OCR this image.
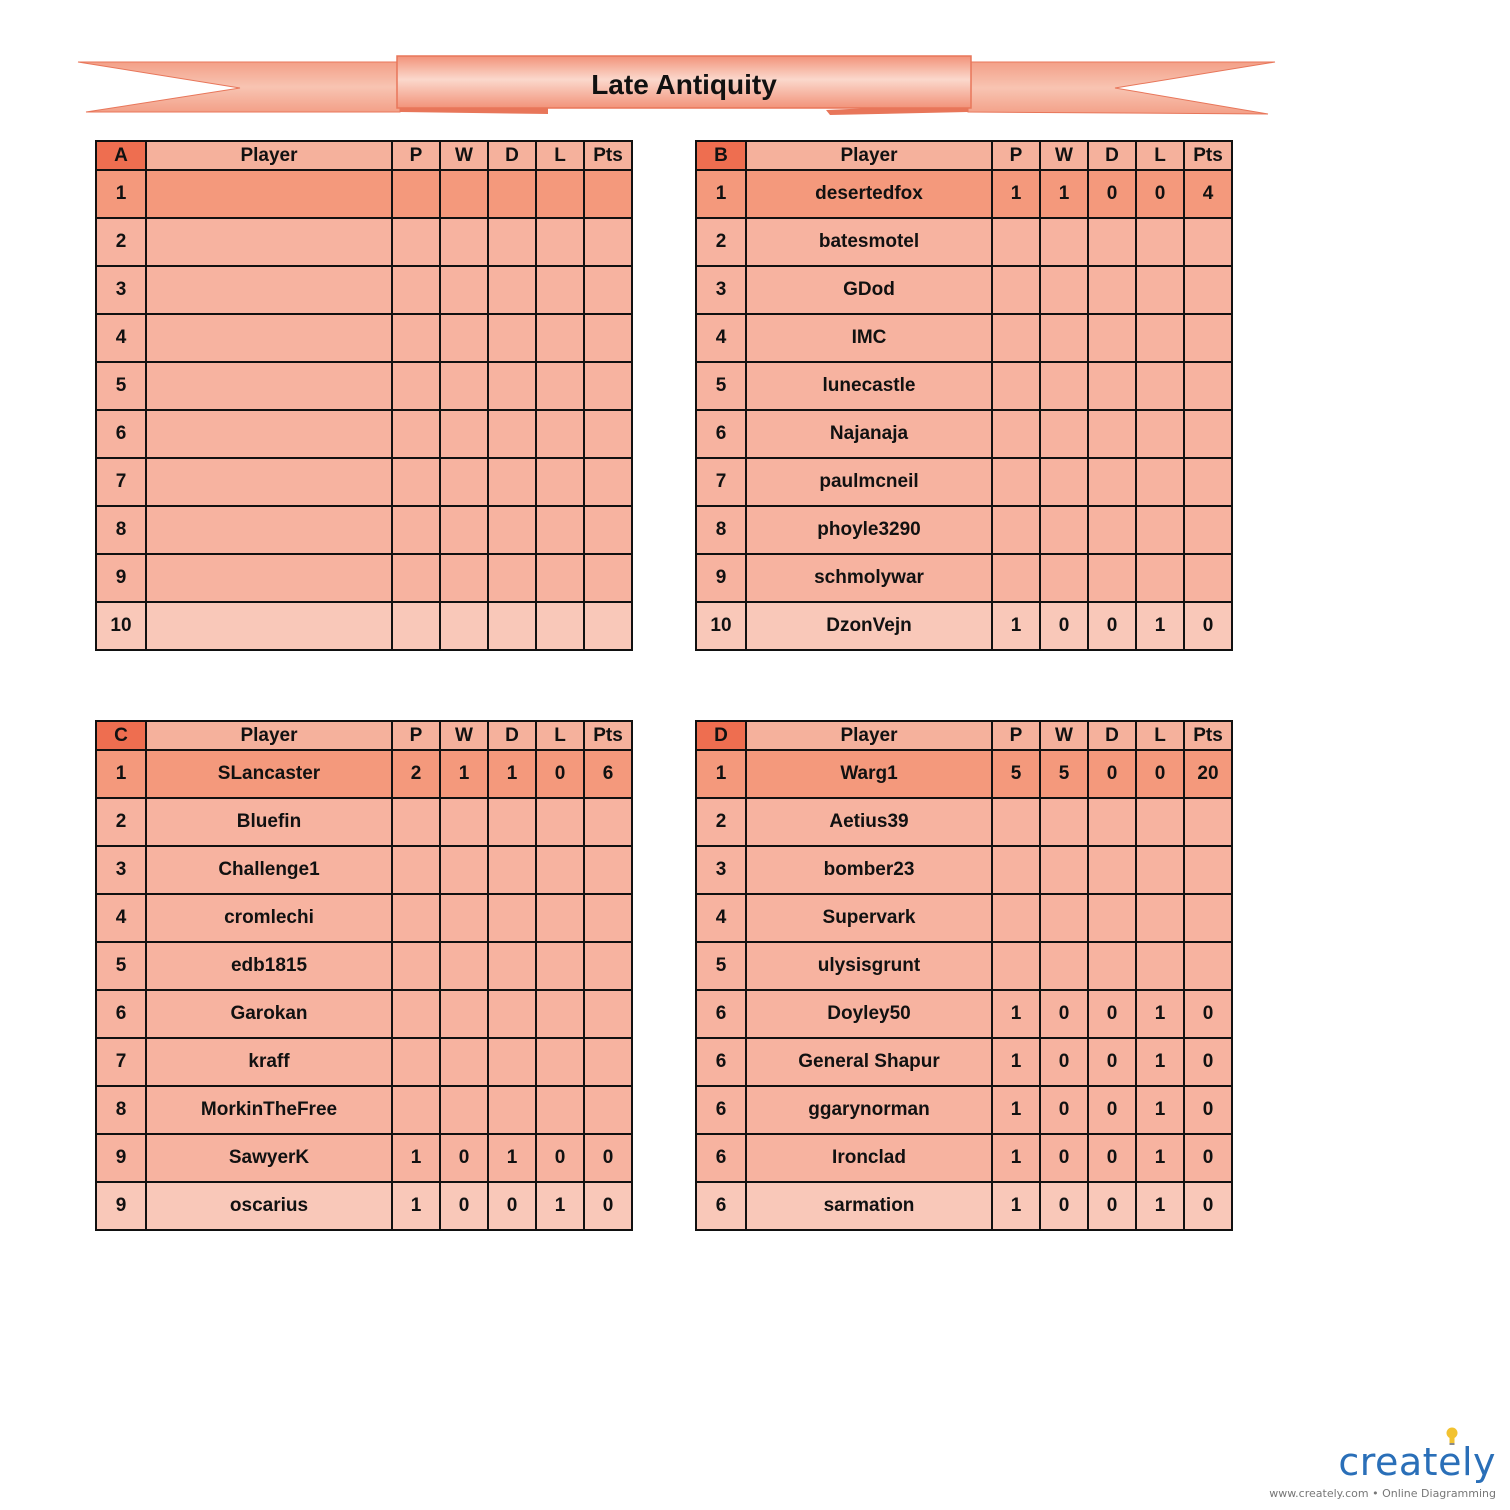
Late Antiquity
A	Player	P	W	D	L	Pts
1						
2						
3						
4						
5						
6						
7						
8						
9						
10						
B	Player	P	W	D	L	Pts
1	desertedfox	1	1	0	0	4
2	batesmotel					
3	GDod					
4	IMC					
5	lunecastle					
6	Najanaja					
7	paulmcneil					
8	phoyle3290					
9	schmolywar					
10	DzonVejn	1	0	0	1	0
C	Player	P	W	D	L	Pts
1	SLancaster	2	1	1	0	6
2	Bluefin					
3	Challenge1					
4	cromlechi					
5	edb1815					
6	Garokan					
7	kraff					
8	MorkinTheFree					
9	SawyerK	1	0	1	0	0
9	oscarius	1	0	0	1	0
D	Player	P	W	D	L	Pts
1	Warg1	5	5	0	0	20
2	Aetius39					
3	bomber23					
4	Supervark					
5	ulysisgrunt					
6	Doyley50	1	0	0	1	0
6	General Shapur	1	0	0	1	0
6	ggarynorman	1	0	0	1	0
6	Ironclad	1	0	0	1	0
6	sarmation	1	0	0	1	0
creately
www.creately.com • Online Diagramming
